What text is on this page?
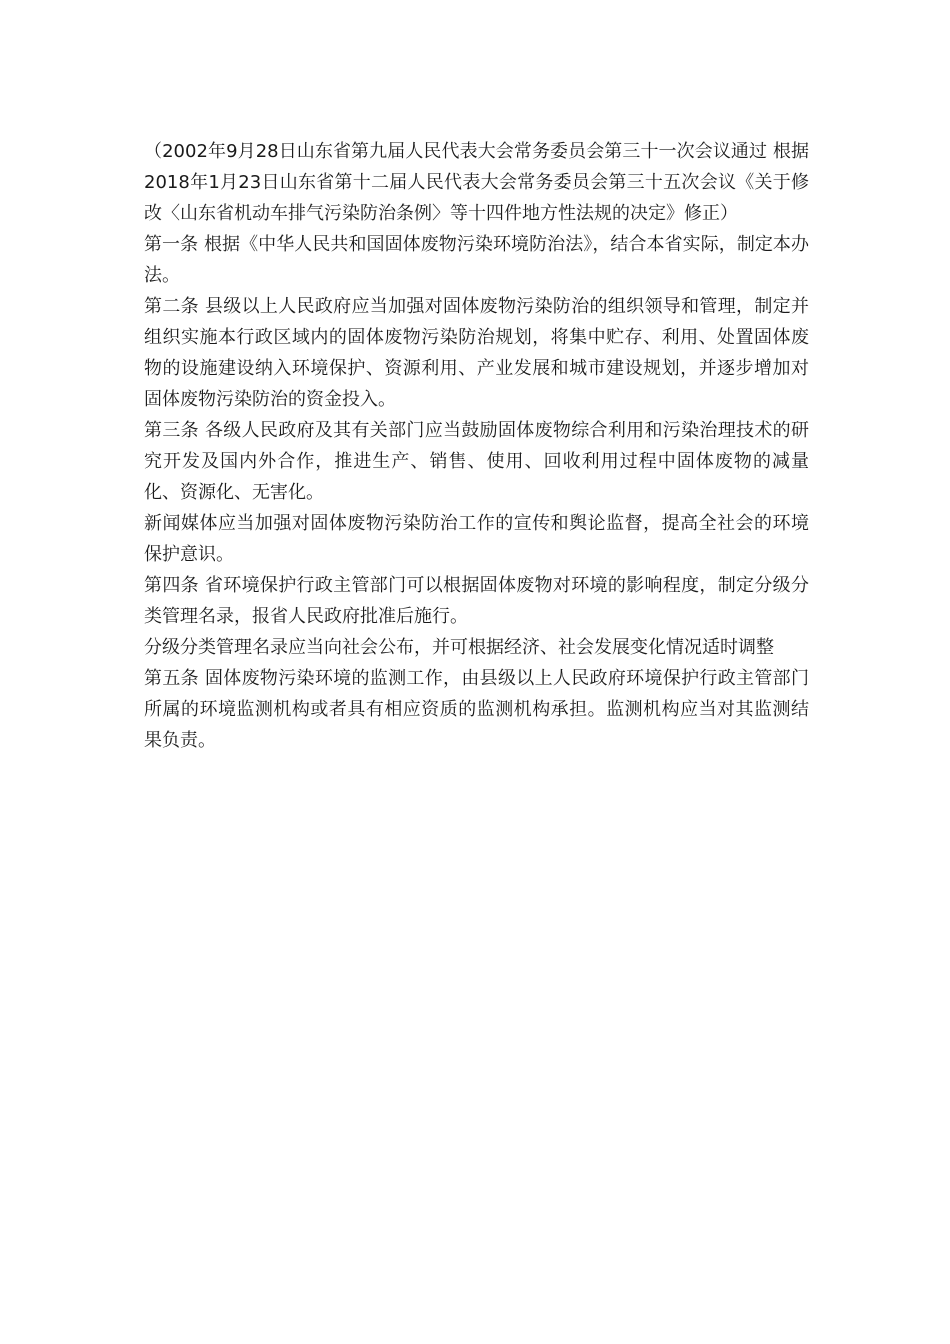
（2002年9月28日山东省第九届人民代表大会常务委员会第三十一次会议通过 根据2018年1月23日山东省第十二届人民代表大会常务委员会第三十五次会议《关于修改〈山东省机动车排气污染防治条例〉等十四件地方性法规的决定》修正）

第一条 根据《中华人民共和国固体废物污染环境防治法》，结合本省实际，制定本办法。

第二条 县级以上人民政府应当加强对固体废物污染防治的组织领导和管理，制定并组织实施本行政区域内的固体废物污染防治规划，将集中贮存、利用、处置固体废物的设施建设纳入环境保护、资源利用、产业发展和城市建设规划，并逐步增加对固体废物污染防治的资金投入。

第三条 各级人民政府及其有关部门应当鼓励固体废物综合利用和污染治理技术的研究开发及国内外合作，推进生产、销售、使用、回收利用过程中固体废物的减量化、资源化、无害化。

新闻媒体应当加强对固体废物污染防治工作的宣传和舆论监督，提高全社会的环境保护意识。

第四条 省环境保护行政主管部门可以根据固体废物对环境的影响程度，制定分级分类管理名录，报省人民政府批准后施行。

分级分类管理名录应当向社会公布，并可根据经济、社会发展变化情况适时调整

第五条 固体废物污染环境的监测工作，由县级以上人民政府环境保护行政主管部门所属的环境监测机构或者具有相应资质的监测机构承担。监测机构应当对其监测结果负责。
